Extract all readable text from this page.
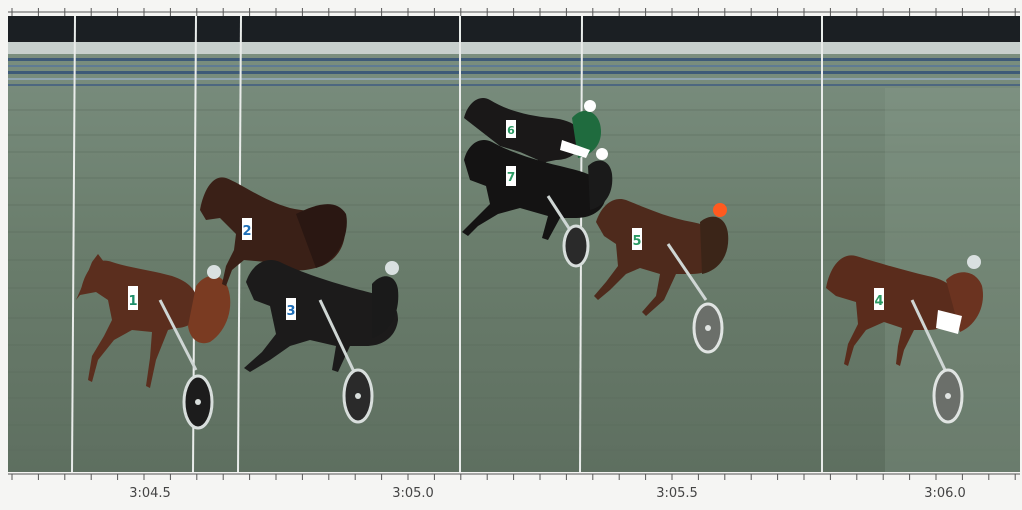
1
2
3
6
7
5
4
3:04.5	3:05.0	3:05.5	3:06.0
